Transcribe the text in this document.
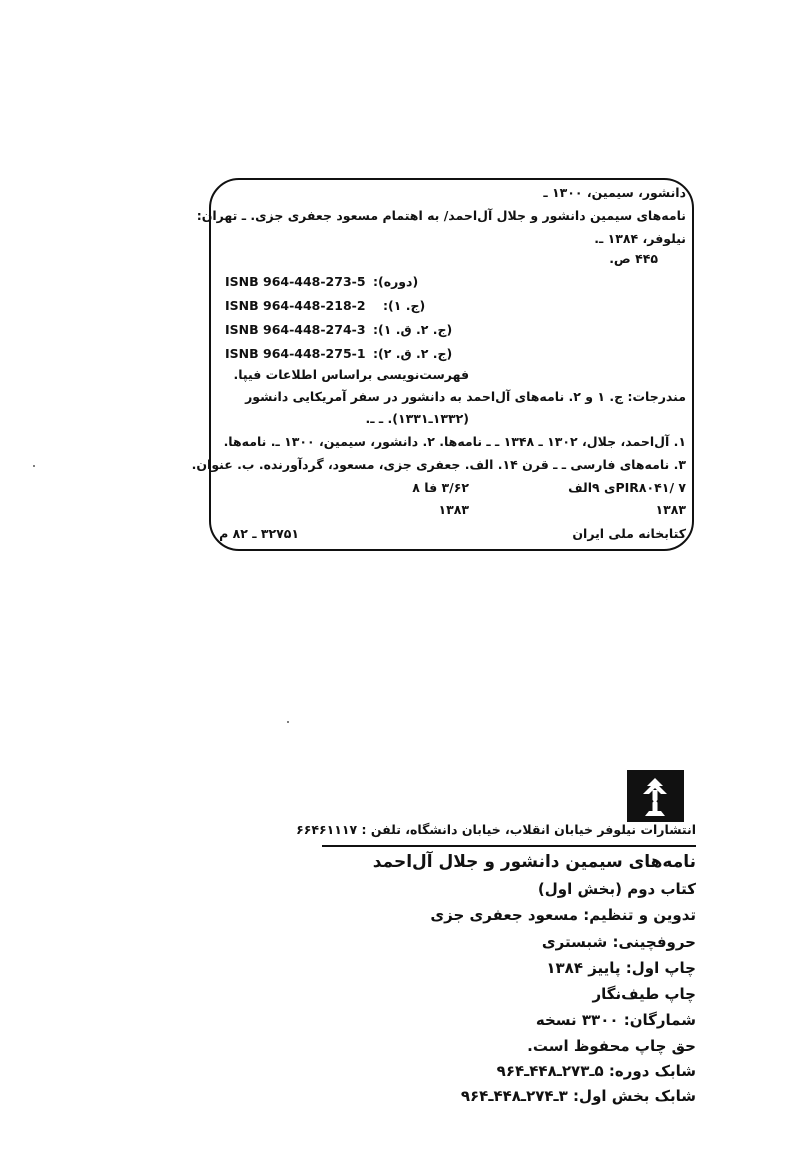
دانشور، سیمین، ۱۳۰۰ ـ
نامه‌های سیمین دانشور و جلال آل‌احمد/ به اهتمام مسعود جعفری جزی. ـ تهران:
نیلوفر، ۱۳۸۴ ـ.
۴۴۵ ص.
ISNB 964-448-273-5 (دوره):
ISNB 964-448-218-2 (ج. ۱):
ISNB 964-448-274-3 (ج. ۲. ق. ۱):
ISNB 964-448-275-1 (ج. ۲. ق. ۲):
فهرست‌نویسی براساس اطلاعات فیپا.
مندرجات: ج. ۱ و ۲. نامه‌های آل‌احمد به دانشور در سفر آمریکایی دانشور
(۱۳۳۲ـ۱۳۳۱). ـ ـ.
۱. آل‌احمد، جلال، ۱۳۰۲ ـ ۱۳۴۸ ـ ـ نامه‌ها. ۲. دانشور، سیمین، ۱۳۰۰ ـ. نامه‌ها.
۳. نامه‌های فارسی ـ ـ قرن ۱۴. الف. جعفری جزی، مسعود، گردآورنده. ب. عنوان.
PIR۸۰۴۱/ ۷ی ۹الف
۳/۶۲ فا ۸
۱۳۸۳
۱۳۸۳
کتابخانه ملی ایران
۳۲۷۵۱ ـ ۸۲ م
انتشارات نیلوفر خیابان انقلاب، خیابان دانشگاه، تلفن : ۶۶۴۶۱۱۱۷
نامه‌های سیمین دانشور و جلال آل‌احمد
کتاب دوم (بخش اول)
تدوین و تنظیم: مسعود جعفری جزی
حروفچینی: شبستری
چاپ اول: پاییز ۱۳۸۴
چاپ طیف‌نگار
شمارگان: ۳۳۰۰ نسخه
حق چاپ محفوظ است.
شابک دوره: ۵ـ۲۷۳ـ۴۴۸ـ۹۶۴
شابک بخش اول: ۳ـ۲۷۴ـ۴۴۸ـ۹۶۴
